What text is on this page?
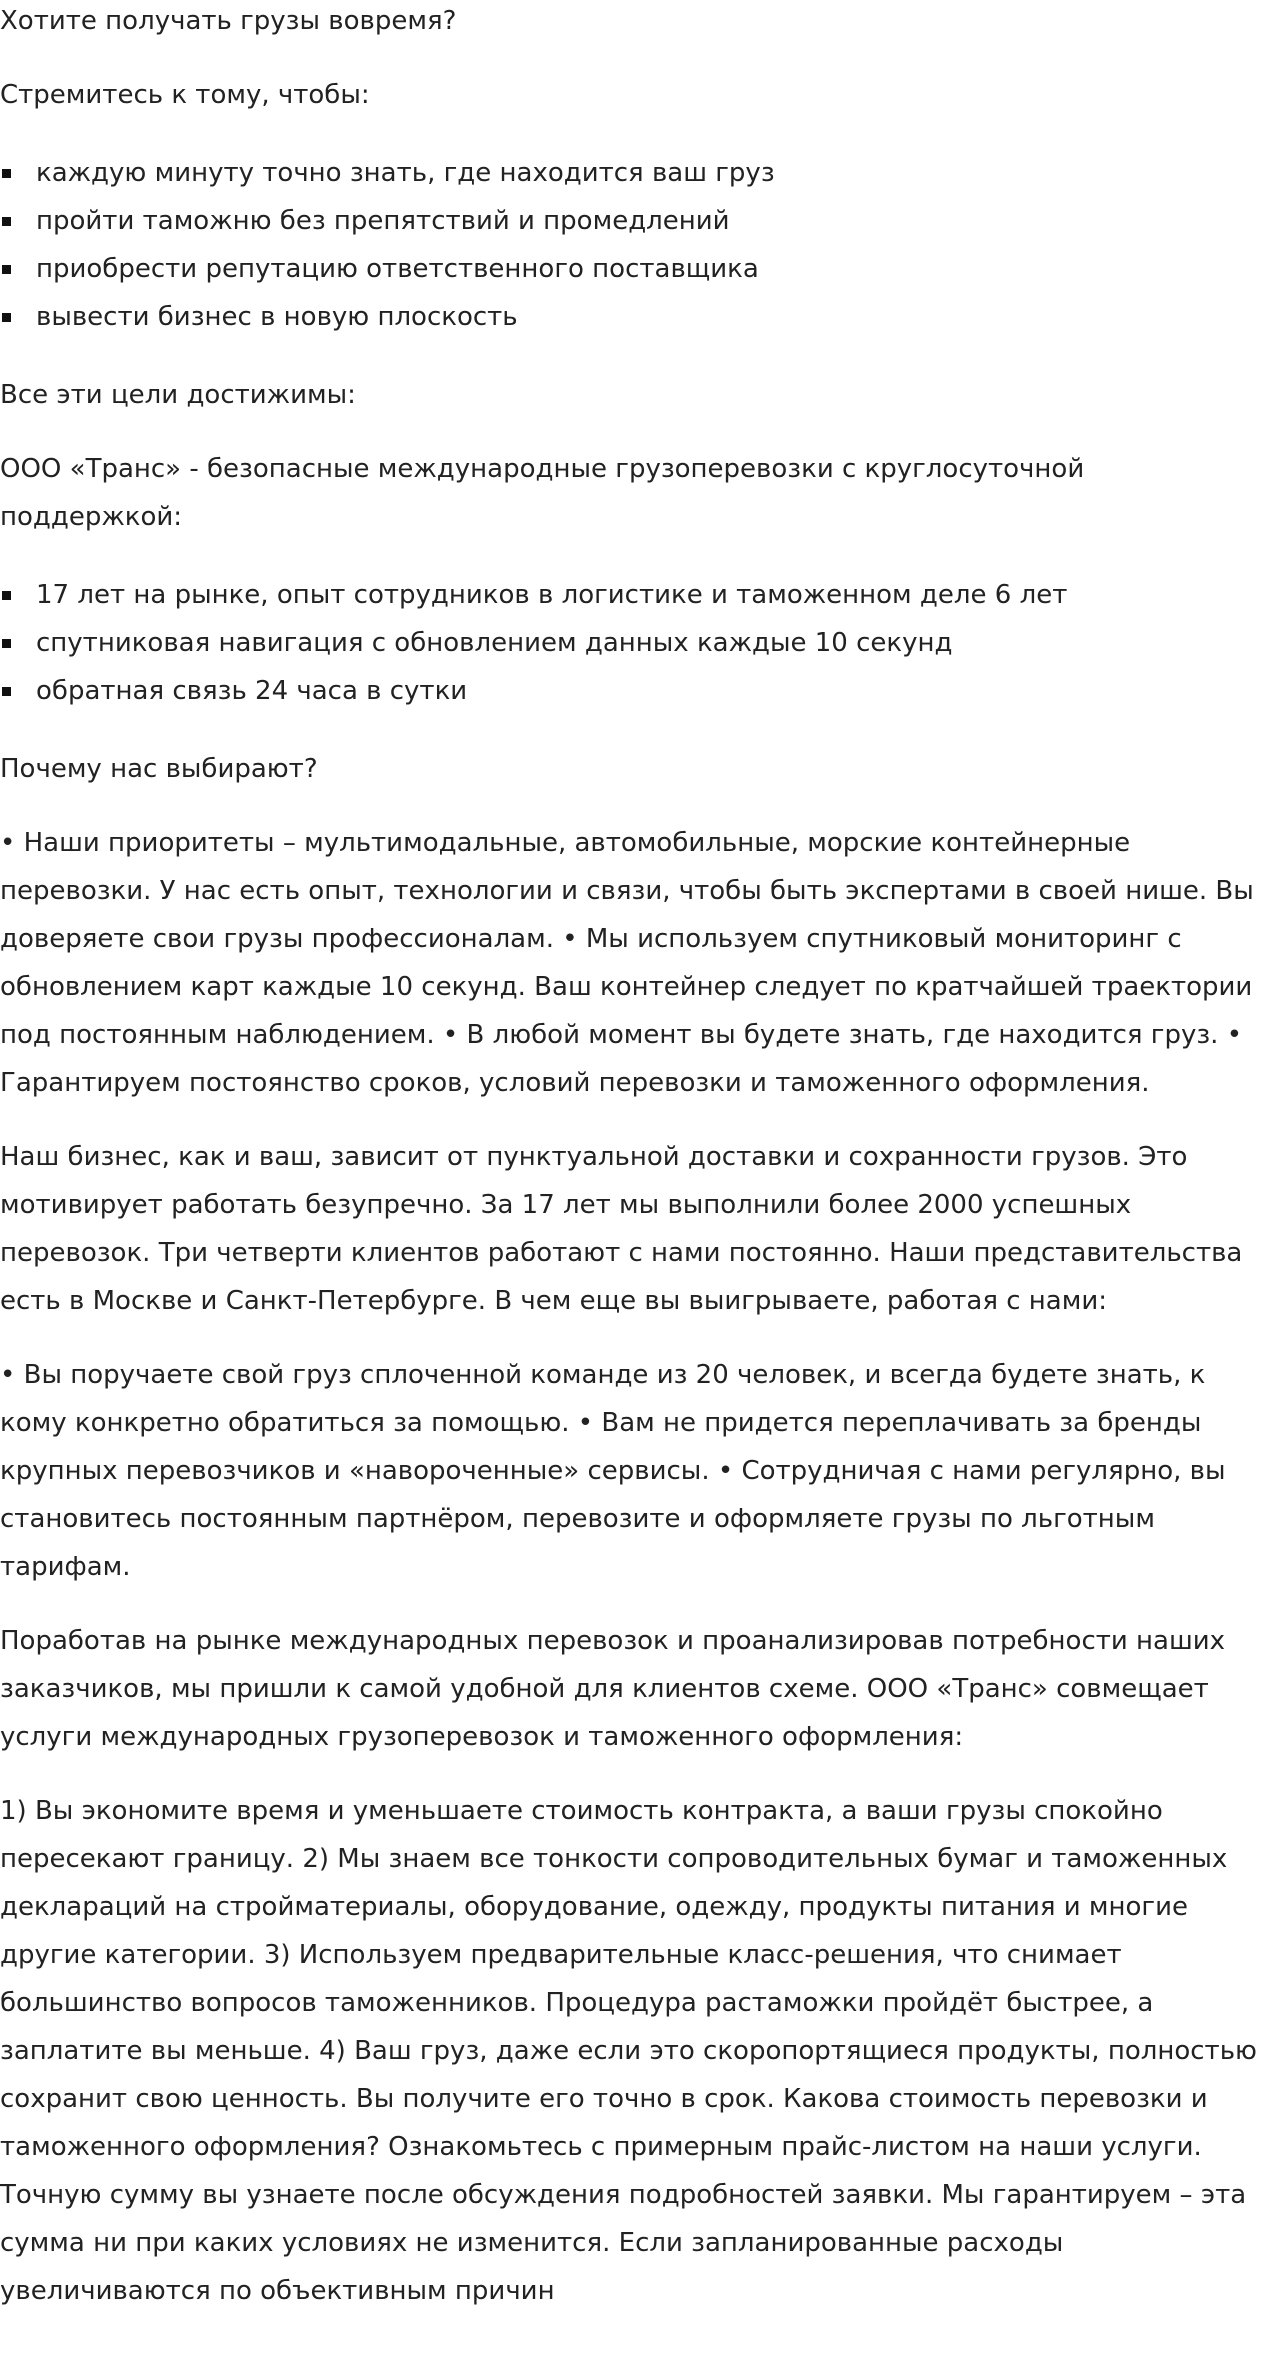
Хотите получать грузы вовремя?

Стремитесь к тому, чтобы:

каждую минуту точно знать, где находится ваш груз
пройти таможню без препятствий и промедлений
приобрести репутацию ответственного поставщика
вывести бизнес в новую плоскость

Все эти цели достижимы:

ООО «Транс» - безопасные международные грузоперевозки с круглосуточной поддержкой:

17 лет на рынке, опыт сотрудников в логистике и таможенном деле 6 лет
спутниковая навигация с обновлением данных каждые 10 секунд
обратная связь 24 часа в сутки

Почему нас выбирают?

• Наши приоритеты – мультимодальные, автомобильные, морские контейнерные перевозки. У нас есть опыт, технологии и связи, чтобы быть экспертами в своей нише. Вы доверяете свои грузы профессионалам. • Мы используем спутниковый мониторинг с обновлением карт каждые 10 секунд. Ваш контейнер следует по кратчайшей траектории под постоянным наблюдением. • В любой момент вы будете знать, где находится груз. • Гарантируем постоянство сроков, условий перевозки и таможенного оформления.

Наш бизнес, как и ваш, зависит от пунктуальной доставки и сохранности грузов. Это мотивирует работать безупречно. За 17 лет мы выполнили более 2000 успешных перевозок. Три четверти клиентов работают с нами постоянно. Наши представительства есть в Москве и Санкт-Петербурге. В чем еще вы выигрываете, работая с нами:

• Вы поручаете свой груз сплоченной команде из 20 человек, и всегда будете знать, к кому конкретно обратиться за помощью. • Вам не придется переплачивать за бренды крупных перевозчиков и «навороченные» сервисы. • Сотрудничая с нами регулярно, вы становитесь постоянным партнёром, перевозите и оформляете грузы по льготным тарифам.

Поработав на рынке международных перевозок и проанализировав потребности наших заказчиков, мы пришли к самой удобной для клиентов схеме. ООО «Транс» совмещает услуги международных грузоперевозок и таможенного оформления:

1) Вы экономите время и уменьшаете стоимость контракта, а ваши грузы спокойно пересекают границу. 2) Мы знаем все тонкости сопроводительных бумаг и таможенных деклараций на стройматериалы, оборудование, одежду, продукты питания и многие другие категории. 3) Используем предварительные класс-решения, что снимает большинство вопросов таможенников. Процедура растаможки пройдёт быстрее, а заплатите вы меньше. 4) Ваш груз, даже если это скоропортящиеся продукты, полностью сохранит свою ценность. Вы получите его точно в срок. Какова стоимость перевозки и таможенного оформления? Ознакомьтесь с примерным прайс-листом на наши услуги. Точную сумму вы узнаете после обсуждения подробностей заявки. Мы гарантируем – эта сумма ни при каких условиях не изменится. Если запланированные расходы увеличиваются по объективным причин
